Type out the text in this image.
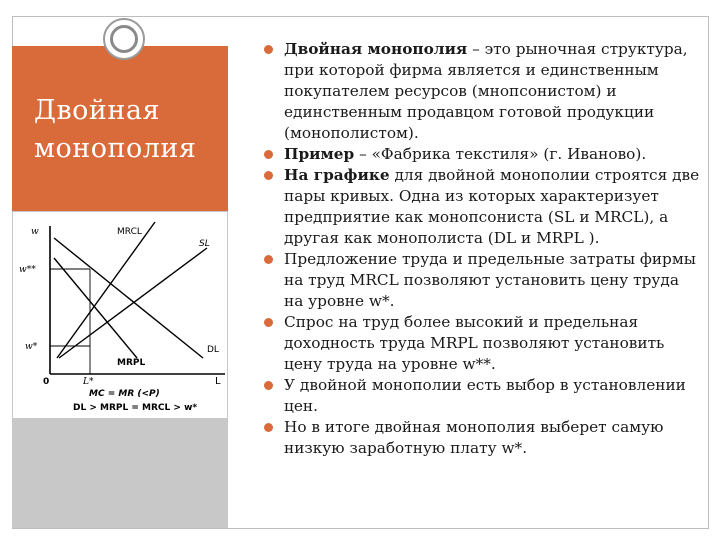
Двойная
монополия
w
w**
w*
0	L*	L
MRCL
SL
DL
MRPL
MC = MR (<P)
DL > MRPL = MRCL > w*
Двойная монополия – это рыночная структура, при которой фирма является и единственным покупателем ресурсов (мнопсонистом) и единственным продавцом готовой продукции (монополистом).
Пример – «Фабрика текстиля» (г. Иваново).
На графике для двойной монополии строятся две пары кривых. Одна из которых характеризует предприятие как монопсониста (SL и MRCL), а другая как монополиста (DL и MRPL ).
Предложение труда и предельные затраты фирмы на труд MRCL позволяют установить цену труда на уровне w*.
Спрос на труд более высокий и предельная доходность труда MRPL позволяют установить цену труда на уровне w**.
У двойной монополии есть выбор в установлении цен.
Но в итоге двойная монополия выберет самую низкую заработную плату w*.
